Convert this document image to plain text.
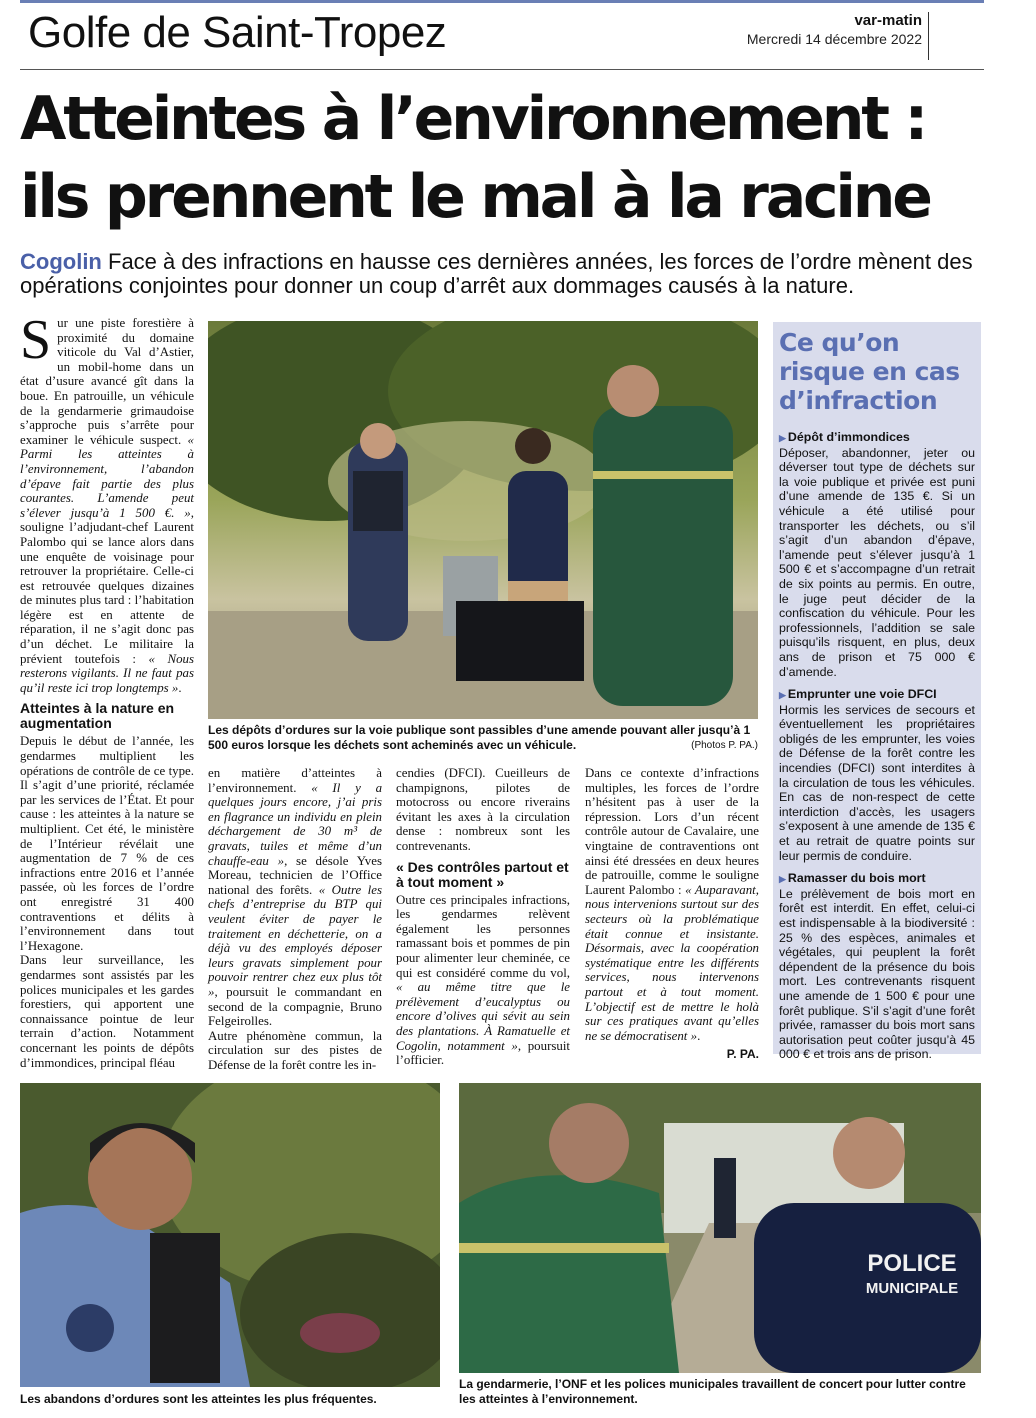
Golfe de Saint-Tropez	var-matin
Mercredi 14 décembre 2022
Atteintes à l’environnement :
ils prennent le mal à la racine
Cogolin Face à des infractions en hausse ces dernières années, les forces de l’ordre mènent des opérations conjointes pour donner un coup d’arrêt aux dommages causés à la nature.

Sur une piste forestière à proximité du domaine viticole du Val d’Astier, un mobil-home dans un état d’usure avancé gît dans la boue. En patrouille, un véhicule de la gendarmerie grimaudoise s’approche puis s’arrête pour examiner le véhicule suspect. « Parmi les atteintes à l’environnement, l’abandon d’épave fait partie des plus courantes. L’amende peut s’élever jusqu’à 1 500 €. », souligne l’adjudant-chef Laurent Palombo qui se lance alors dans une enquête de voisinage pour retrouver la propriétaire. Celle-ci est retrouvée quelques dizaines de minutes plus tard : l’habitation légère est en attente de réparation, il ne s’agit donc pas d’un déchet. Le militaire la prévient toutefois : « Nous resterons vigilants. Il ne faut pas qu’il reste ici trop longtemps ».

Atteintes à la nature en augmentation

Depuis le début de l’année, les gendarmes multiplient les opérations de contrôle de ce type. Il s’agit d’une priorité, réclamée par les services de l’État. Et pour cause : les atteintes à la nature se multiplient. Cet été, le ministère de l’Intérieur révélait une augmentation de 7 % de ces infractions entre 2016 et l’année passée, où les forces de l’ordre ont enregistré 31 400 contraventions et délits à l’environnement dans tout l’Hexagone.

Dans leur surveillance, les gendarmes sont assistés par les polices municipales et les gardes forestiers, qui apportent une connaissance pointue de leur terrain d’action. Notamment concernant les points de dépôts d’immondices, principal fléau

Les dépôts d’ordures sur la voie publique sont passibles d’une amende pouvant aller jusqu’à 1 500 euros lorsque les déchets sont acheminés avec un véhicule.	(Photos P. PA.)

en matière d’atteintes à l’environnement. « Il y a quelques jours encore, j’ai pris en flagrance un individu en plein déchargement de 30 m³ de gravats, tuiles et même d’un chauffe-eau », se désole Yves Moreau, technicien de l’Office national des forêts. « Outre les chefs d’entreprise du BTP qui veulent éviter de payer le traitement en déchetterie, on a déjà vu des employés déposer leurs gravats simplement pour pouvoir rentrer chez eux plus tôt », poursuit le commandant en second de la compagnie, Bruno Felgeirolles.

Autre phénomène commun, la circulation sur des pistes de Défense de la forêt contre les in-

cendies (DFCI). Cueilleurs de champignons, pilotes de motocross ou encore riverains évitant les axes à la circulation dense : nombreux sont les contrevenants.

« Des contrôles partout et à tout moment »

Outre ces principales infractions, les gendarmes relèvent également les personnes ramassant bois et pommes de pin pour alimenter leur cheminée, ce qui est considéré comme du vol, « au même titre que le prélèvement d’eucalyptus ou encore d’olives qui sévit au sein des plantations. À Ramatuelle et Cogolin, notamment », poursuit l’officier.

Dans ce contexte d’infractions multiples, les forces de l’ordre n’hésitent pas à user de la répression. Lors d’un récent contrôle autour de Cavalaire, une vingtaine de contraventions ont ainsi été dressées en deux heures de patrouille, comme le souligne Laurent Palombo : « Auparavant, nous intervenions surtout sur des secteurs où la problématique était connue et insistante. Désormais, avec la coopération systématique entre les différents services, nous intervenons partout et à tout moment. L’objectif est de mettre le holà sur ces pratiques avant qu’elles ne se démocratisent ».

P. PA.
Ce qu’on risque en cas d’infraction
▶ Dépôt d’immondices

Déposer, abandonner, jeter ou déverser tout type de déchets sur la voie publique et privée est puni d’une amende de 135 €. Si un véhicule a été utilisé pour transporter les déchets, ou s’il s’agit d’un abandon d’épave, l’amende peut s’élever jusqu’à 1 500 € et s’accompagne d’un retrait de six points au permis. En outre, le juge peut décider de la confiscation du véhicule. Pour les professionnels, l’addition se sale puisqu’ils risquent, en plus, deux ans de prison et 75 000 € d’amende.

▶ Emprunter une voie DFCI

Hormis les services de secours et éventuellement les propriétaires obligés de les emprunter, les voies de Défense de la forêt contre les incendies (DFCI) sont interdites à la circulation de tous les véhicules. En cas de non-respect de cette interdiction d’accès, les usagers s’exposent à une amende de 135 € et au retrait de quatre points sur leur permis de conduire.

▶ Ramasser du bois mort

Le prélèvement de bois mort en forêt est interdit. En effet, celui-ci est indispensable à la biodiversité : 25 % des espèces, animales et végétales, qui peuplent la forêt dépendent de la présence du bois mort. Les contrevenants risquent une amende de 1 500 € pour une forêt publique. S’il s’agit d’une forêt privée, ramasser du bois mort sans autorisation peut coûter jusqu’à 45 000 € et trois ans de prison.

Les abandons d’ordures sont les atteintes les plus fréquentes.
POLICE
MUNICIPALE
La gendarmerie, l’ONF et les polices municipales travaillent de concert pour lutter contre les atteintes à l’environnement.
